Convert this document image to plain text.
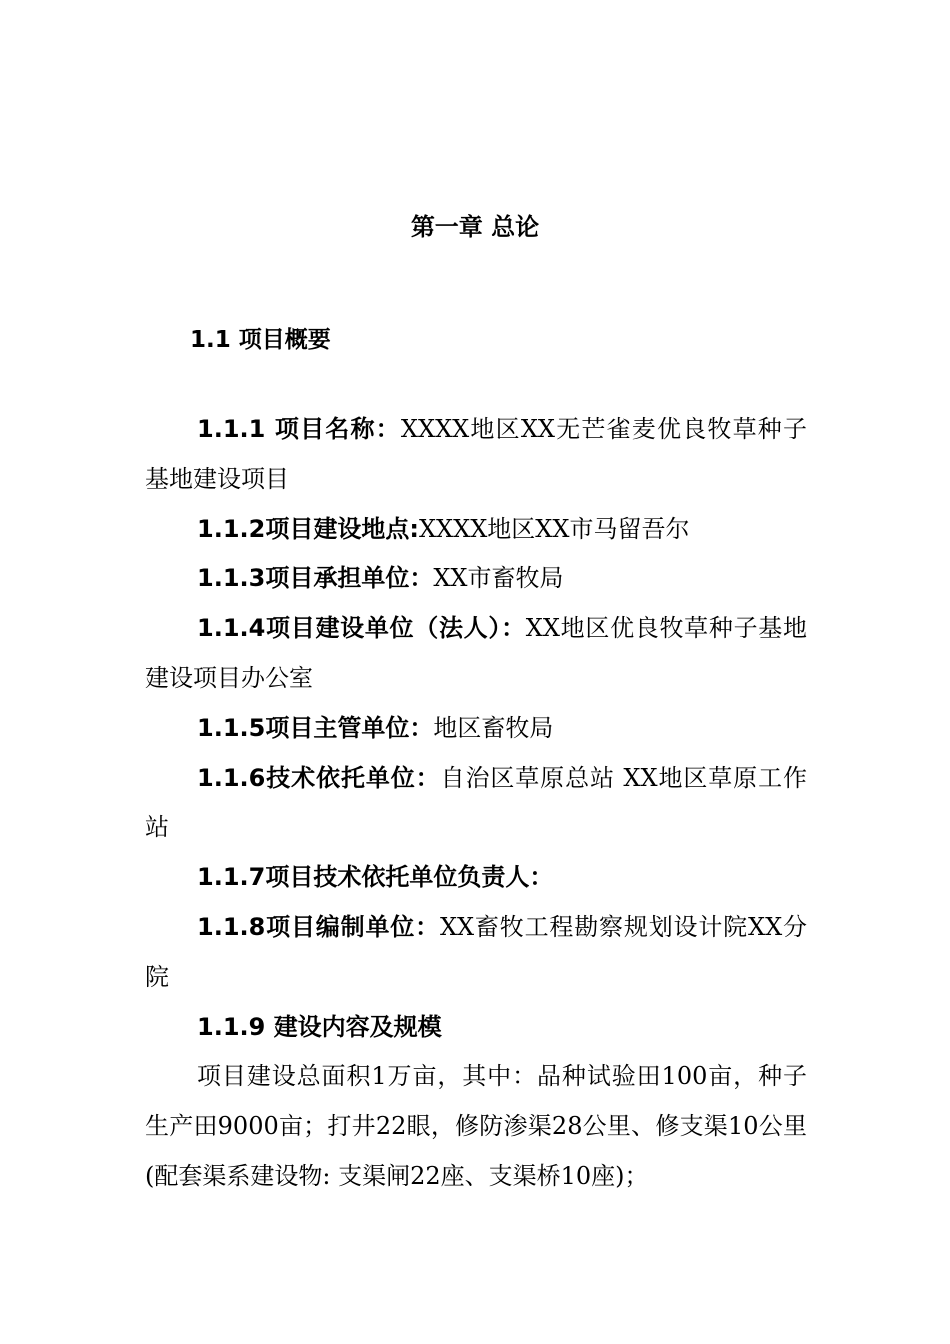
第一章 总论
1.1 项目概要

1.1.1 项目名称：XXXX地区XX无芒雀麦优良牧草种子基地建设项目

1.1.2项目建设地点:XXXX地区XX市马留吾尔

1.1.3项目承担单位：XX市畜牧局

1.1.4项目建设单位（法人）：XX地区优良牧草种子基地建设项目办公室

1.1.5项目主管单位：地区畜牧局

1.1.6技术依托单位：自治区草原总站 XX地区草原工作站

1.1.7项目技术依托单位负责人：

1.1.8项目编制单位：XX畜牧工程勘察规划设计院XX分院

1.1.9 建设内容及规模

项目建设总面积1万亩，其中：品种试验田100亩，种子生产田9000亩；打井22眼，修防渗渠28公里、修支渠10公里(配套渠系建设物: 支渠闸22座、支渠桥10座)；
